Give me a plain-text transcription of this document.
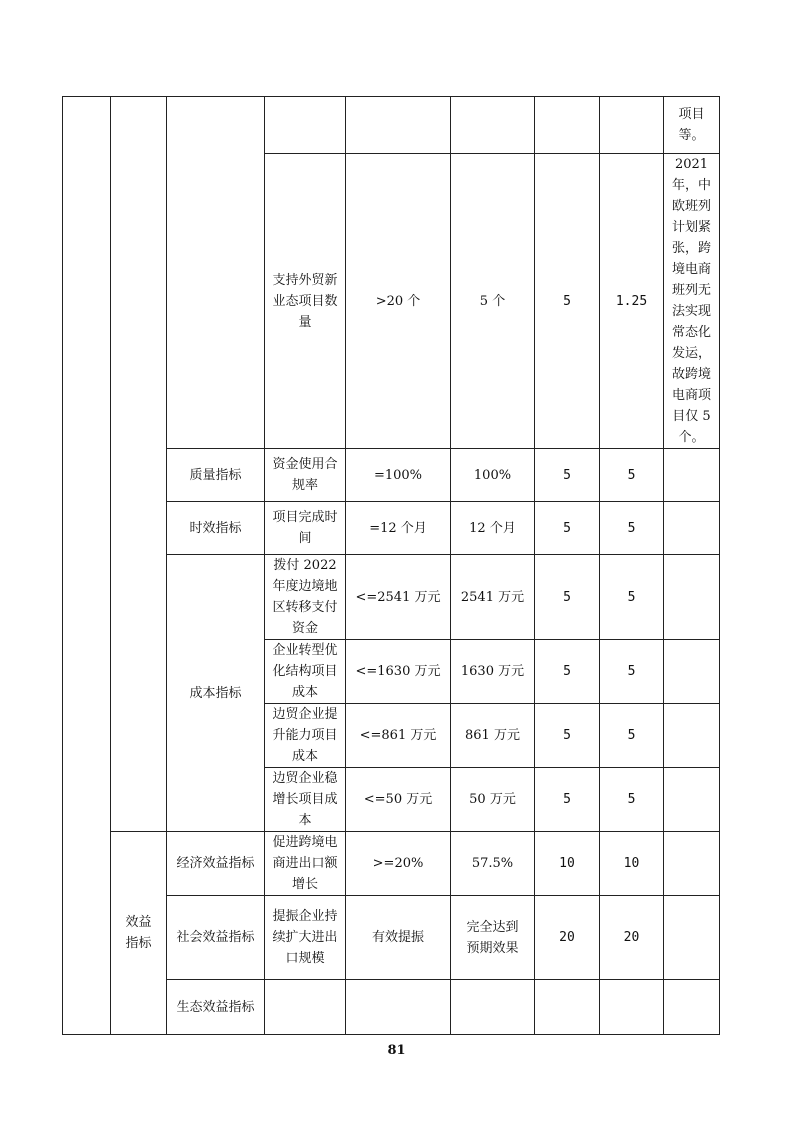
								项目等。
			支持外贸新业态项目数量	>20 个	5 个	5	1.25	2021 年，中欧班列计划紧张，跨境电商班列无法实现常态化发运，故跨境电商项目仅 5 个。
		质量指标	资金使用合规率	=100%	100%	5	5	
		时效指标	项目完成时间	=12 个月	12 个月	5	5	
		成本指标	拨付 2022 年度边境地区转移支付资金	<=2541 万元	2541 万元	5	5	
			企业转型优化结构项目成本	<=1630 万元	1630 万元	5	5	
			边贸企业提升能力项目成本	<=861 万元	861 万元	5	5	
			边贸企业稳增长项目成本	<=50 万元	50 万元	5	5	
	效益指标	经济效益指标	促进跨境电商进出口额增长	>=20%	57.5%	10	10	
		社会效益指标	提振企业持续扩大进出口规模	有效提振	完全达到预期效果	20	20	
		生态效益指标						
81
